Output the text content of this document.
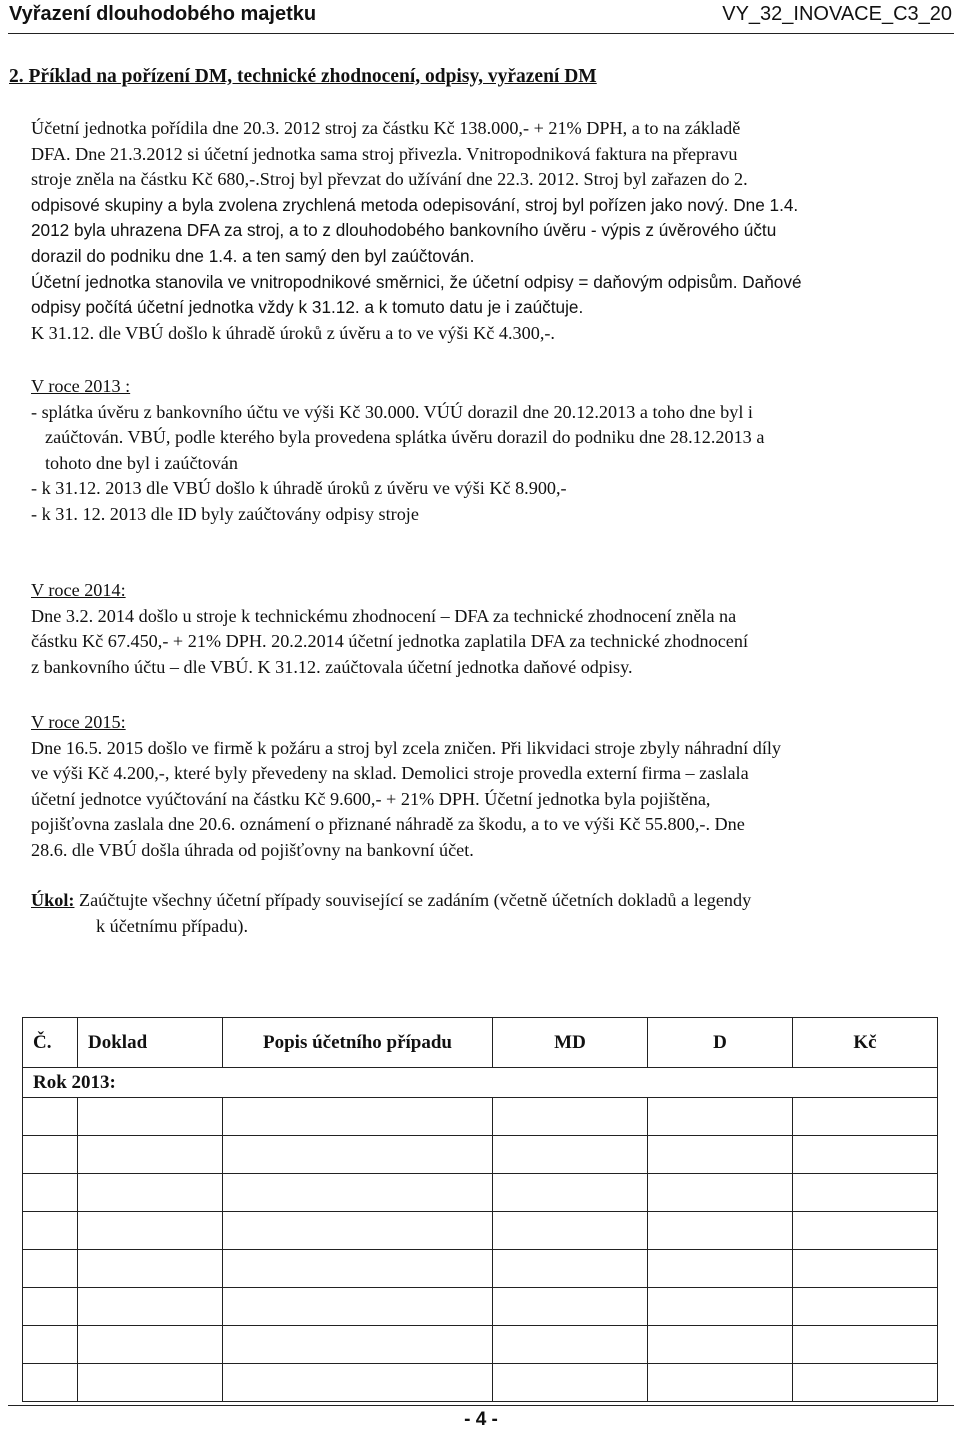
Vyřazení dlouhodobého majetku	VY_32_INOVACE_C3_20
2. Příklad na pořízení DM, technické zhodnocení, odpisy, vyřazení DM
Účetní jednotka pořídila dne 20.3. 2012 stroj za částku Kč 138.000,- + 21% DPH, a to na základě
DFA. Dne 21.3.2012 si účetní jednotka sama stroj přivezla. Vnitropodniková faktura na přepravu
stroje zněla na částku Kč 680,-.Stroj byl převzat do užívání dne 22.3. 2012. Stroj byl zařazen do 2.
odpisové skupiny a byla zvolena zrychlená metoda odepisování, stroj byl pořízen jako nový. Dne 1.4.
2012 byla uhrazena DFA za stroj, a to z dlouhodobého bankovního úvěru - výpis z úvěrového účtu
dorazil do podniku dne 1.4. a ten samý den byl zaúčtován.
Účetní jednotka stanovila ve vnitropodnikové směrnici, že účetní odpisy = daňovým odpisům. Daňové
odpisy počítá účetní jednotka vždy k 31.12. a k tomuto datu je i zaúčtuje.
K 31.12. dle VBÚ došlo k úhradě úroků z úvěru a to ve výši Kč 4.300,-.
V roce 2013 :
- splátka úvěru z bankovního účtu ve výši Kč 30.000. VÚÚ dorazil dne 20.12.2013 a toho dne byl i
zaúčtován. VBÚ, podle kterého byla provedena splátka úvěru dorazil do podniku dne 28.12.2013 a
tohoto dne byl i zaúčtován
- k 31.12. 2013 dle VBÚ došlo k úhradě úroků z úvěru ve výši Kč 8.900,-
- k 31. 12. 2013 dle ID byly zaúčtovány odpisy stroje
V roce 2014:
Dne 3.2. 2014 došlo u stroje k technickému zhodnocení – DFA za technické zhodnocení zněla na
částku Kč 67.450,- + 21% DPH. 20.2.2014 účetní jednotka zaplatila DFA za technické zhodnocení
z bankovního účtu – dle VBÚ. K 31.12. zaúčtovala účetní jednotka daňové odpisy.
V roce 2015:
Dne 16.5. 2015 došlo ve firmě k požáru a stroj byl zcela zničen. Při likvidaci stroje zbyly náhradní díly
ve výši Kč 4.200,-, které byly převedeny na sklad. Demolici stroje provedla externí firma – zaslala
účetní jednotce vyúčtování na částku Kč 9.600,- + 21% DPH. Účetní jednotka byla pojištěna,
pojišťovna zaslala dne 20.6. oznámení o přiznané náhradě za škodu, a to ve výši Kč 55.800,-. Dne
28.6. dle VBÚ došla úhrada od pojišťovny na bankovní účet.
Úkol: Zaúčtujte všechny účetní případy související se zadáním (včetně účetních dokladů a legendy
k účetnímu případu).
Č.	Doklad	Popis účetního případu	MD	D	Kč
Rok 2013:					

- 4 -
